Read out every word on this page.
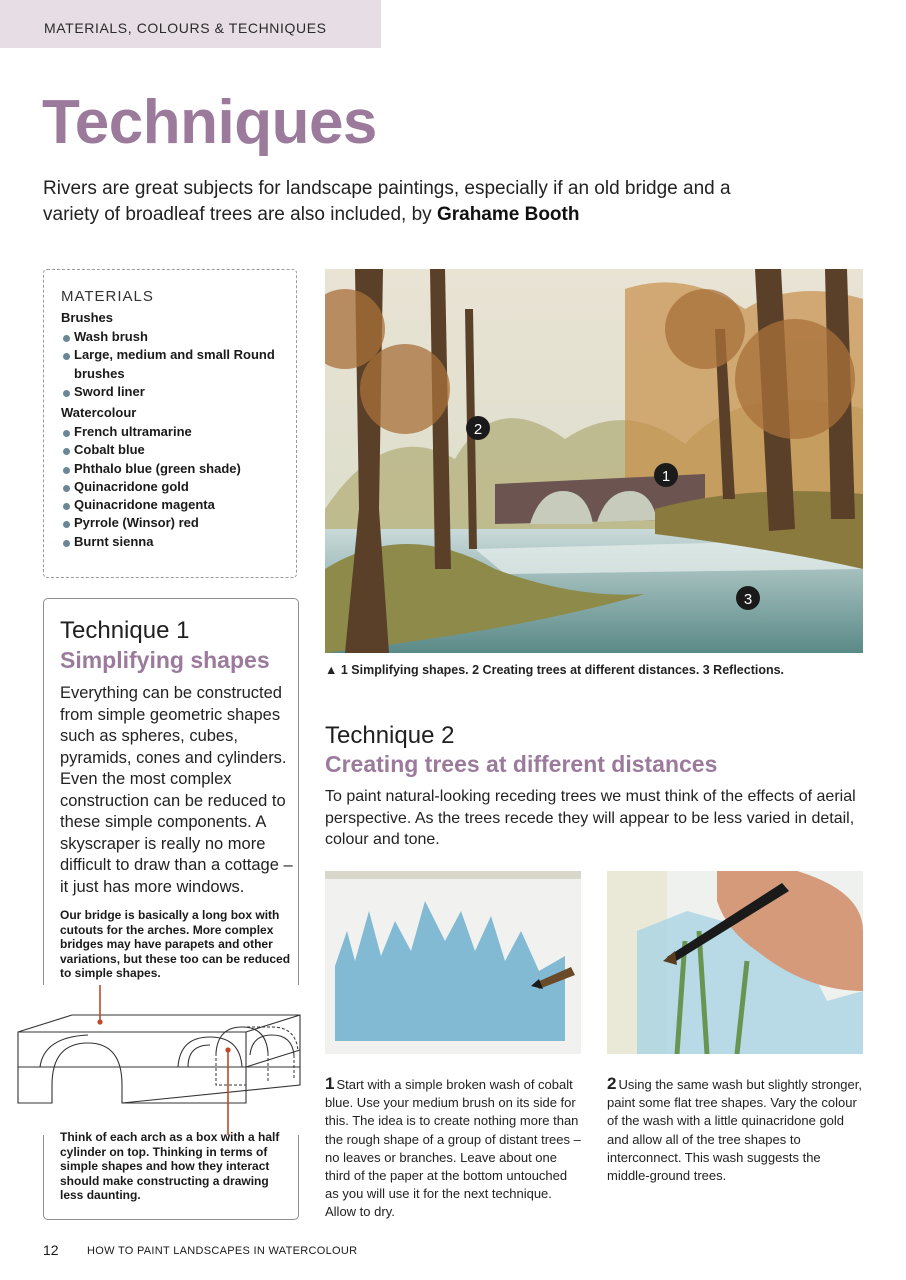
MATERIALS, COLOURS & TECHNIQUES
Techniques
Rivers are great subjects for landscape paintings, especially if an old bridge and a variety of broadleaf trees are also included, by Grahame Booth
MATERIALS
Brushes
Wash brush
Large, medium and small Round brushes
Sword liner
Watercolour
French ultramarine
Cobalt blue
Phthalo blue (green shade)
Quinacridone gold
Quinacridone magenta
Pyrrole (Winsor) red
Burnt sienna
Technique 1
Simplifying shapes
Everything can be constructed from simple geometric shapes such as spheres, cubes, pyramids, cones and cylinders. Even the most complex construction can be reduced to these simple components. A skyscraper is really no more difficult to draw than a cottage – it just has more windows.
Our bridge is basically a long box with cutouts for the arches. More complex bridges may have parapets and other variations, but these too can be reduced to simple shapes.
Think of each arch as a box with a half cylinder on top. Thinking in terms of simple shapes and how they interact should make constructing a drawing less daunting.
1
2
3
▲ 1 Simplifying shapes. 2 Creating trees at different distances. 3 Reflections.
Technique 2
Creating trees at different distances
To paint natural-looking receding trees we must think of the effects of aerial perspective. As the trees recede they will appear to be less varied in detail, colour and tone.
1 Start with a simple broken wash of cobalt blue. Use your medium brush on its side for this. The idea is to create nothing more than the rough shape of a group of distant trees – no leaves or branches. Leave about one third of the paper at the bottom untouched as you will use it for the next technique. Allow to dry.
2 Using the same wash but slightly stronger, paint some flat tree shapes. Vary the colour of the wash with a little quinacridone gold and allow all of the tree shapes to interconnect. This wash suggests the middle-ground trees.
12	HOW TO PAINT LANDSCAPES IN WATERCOLOUR
